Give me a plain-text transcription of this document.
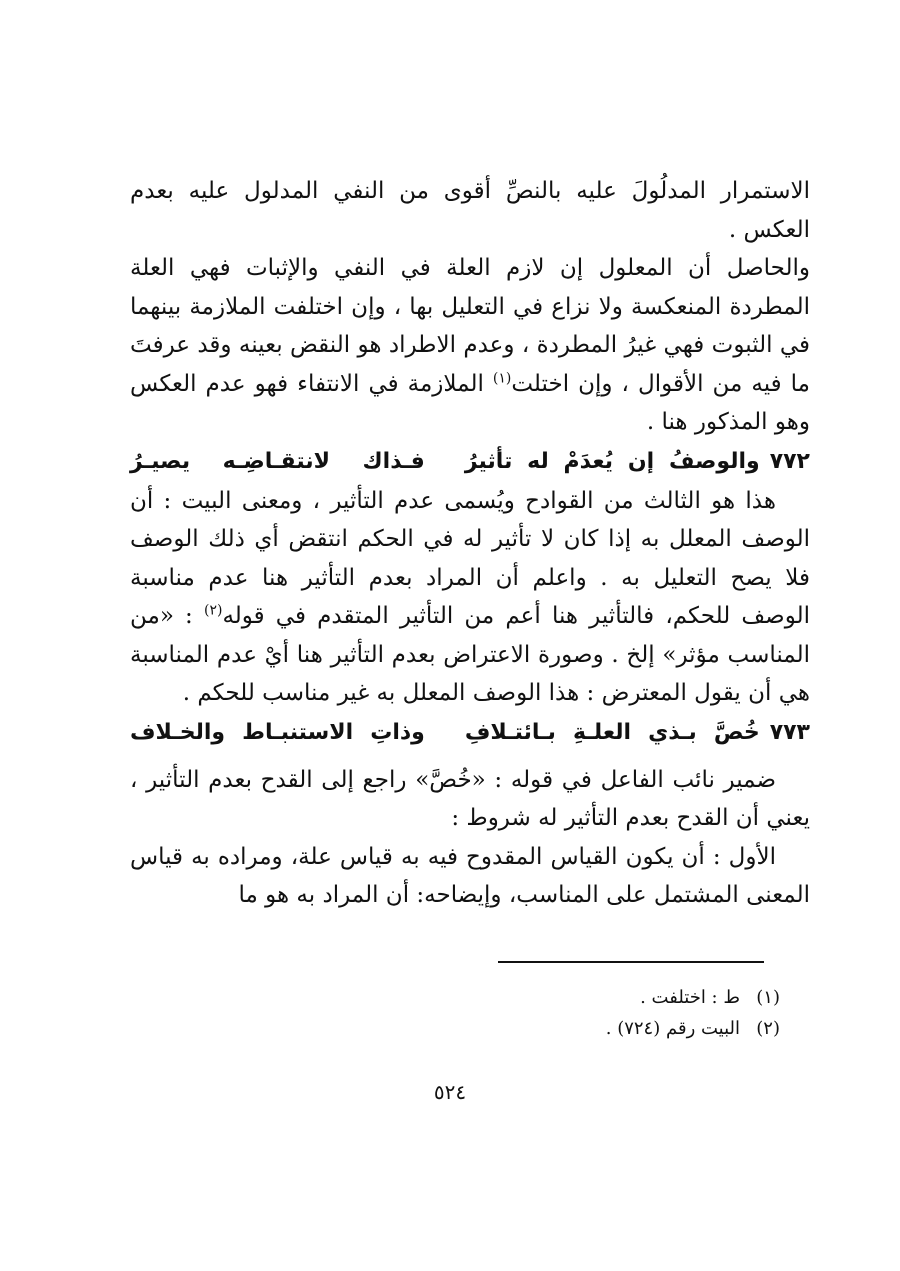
الاستمرار المدلُولَ عليه بالنصِّ أقوى من النفي المدلول عليه بعدم العكس .

والحاصل أن المعلول إن لازم العلة في النفي والإثبات فهي العلة المطردة المنعكسة ولا نزاع في التعليل بها ، وإن اختلفت الملازمة بينهما في الثبوت فهي غيرُ المطردة ، وعدم الاطراد هو النقض بعينه وقد عرفتَ ما فيه من الأقوال ، وإن اختلت$^{(١)}$ الملازمة في الانتفاء فهو عدم العكس وهو المذكور هنا .

٧٧٢
والوصفُ
إن
يُعدَمْ
له
تأثيرُ
فـذاك
لانتقـاضِـه
يصيـرُ

هذا هو الثالث من القوادح ويُسمى عدم التأثير ، ومعنى البيت : أن الوصف المعلل به إذا كان لا تأثير له في الحكم انتقض أي ذلك الوصف فلا يصح التعليل به . واعلم أن المراد بعدم التأثير هنا عدم مناسبة الوصف للحكم، فالتأثير هنا أعم من التأثير المتقدم في قوله$^{(٢)}$ : «من المناسب مؤثر» إلخ . وصورة الاعتراض بعدم التأثير هنا أيْ عدم المناسبة هي أن يقول المعترض : هذا الوصف المعلل به غير مناسب للحكم .

٧٧٣
خُصَّ
بـذي
العلـةِ
بـائتـلافِ
وذاتِ
الاستنبـاط
والخـلاف

ضمير نائب الفاعل في قوله : «خُصَّ» راجع إلى القدح بعدم التأثير ، يعني أن القدح بعدم التأثير له شروط :

الأول : أن يكون القياس المقدوح فيه به قياس علة، ومراده به قياس المعنى المشتمل على المناسب، وإيضاحه: أن المراد به هو ما

(١)ط : اختلفت .
(٢)البيت رقم (٧٢٤) .
٥٢٤
